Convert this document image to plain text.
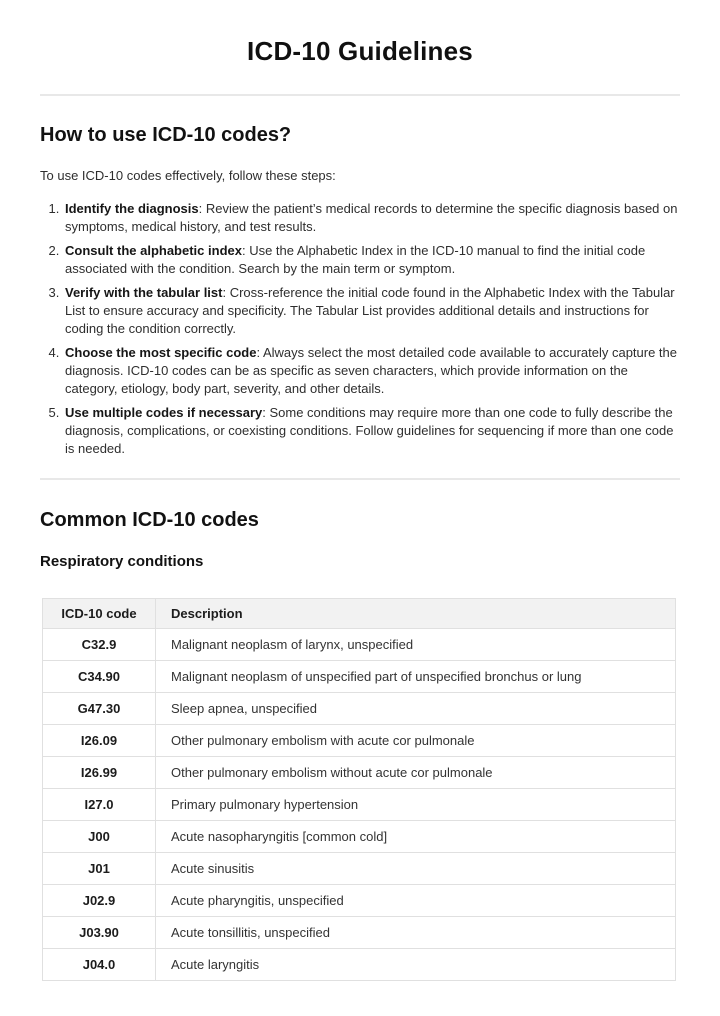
ICD-10 Guidelines
How to use ICD-10 codes?

To use ICD-10 codes effectively, follow these steps:

1. Identify the diagnosis: Review the patient’s medical records to determine the specific diagnosis based on symptoms, medical history, and test results.
2. Consult the alphabetic index: Use the Alphabetic Index in the ICD-10 manual to find the initial code associated with the condition. Search by the main term or symptom.
3. Verify with the tabular list: Cross-reference the initial code found in the Alphabetic Index with the Tabular List to ensure accuracy and specificity. The Tabular List provides additional details and instructions for coding the condition correctly.
4. Choose the most specific code: Always select the most detailed code available to accurately capture the diagnosis. ICD-10 codes can be as specific as seven characters, which provide information on the category, etiology, body part, severity, and other details.
5. Use multiple codes if necessary: Some conditions may require more than one code to fully describe the diagnosis, complications, or coexisting conditions. Follow guidelines for sequencing if more than one code is needed.
Common ICD-10 codes
Respiratory conditions
ICD-10 code	Description
C32.9	Malignant neoplasm of larynx, unspecified
C34.90	Malignant neoplasm of unspecified part of unspecified bronchus or lung
G47.30	Sleep apnea, unspecified
I26.09	Other pulmonary embolism with acute cor pulmonale
I26.99	Other pulmonary embolism without acute cor pulmonale
I27.0	Primary pulmonary hypertension
J00	Acute nasopharyngitis [common cold]
J01	Acute sinusitis
J02.9	Acute pharyngitis, unspecified
J03.90	Acute tonsillitis, unspecified
J04.0	Acute laryngitis
